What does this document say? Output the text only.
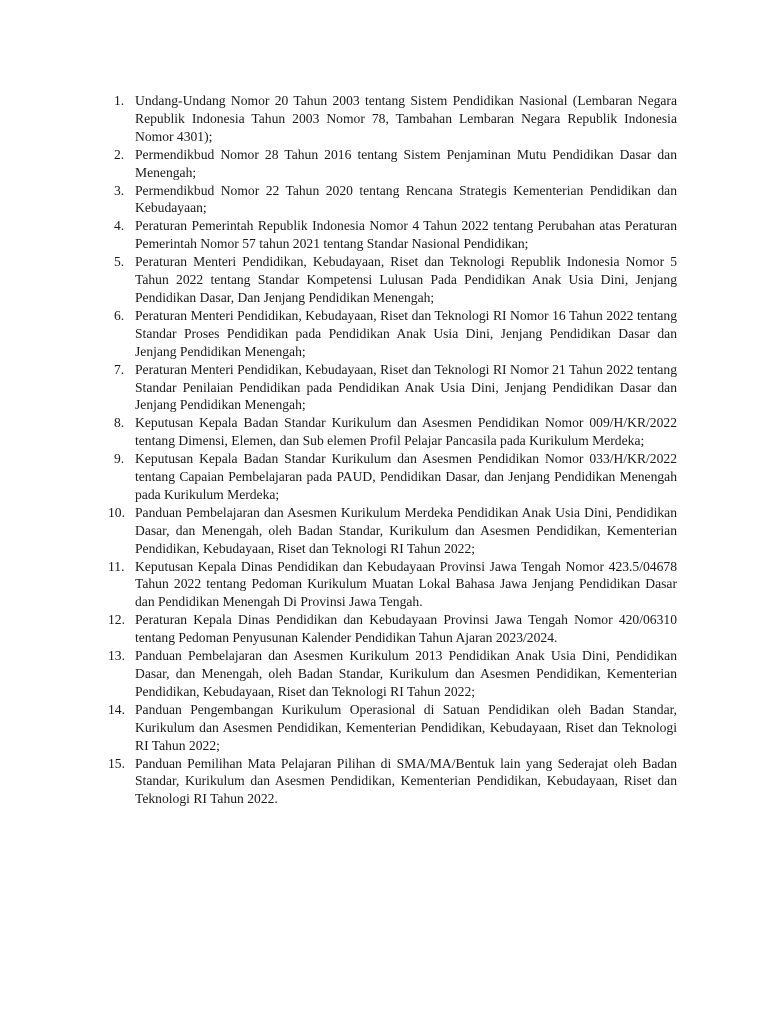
1. Undang-Undang Nomor 20 Tahun 2003 tentang Sistem Pendidikan Nasional (Lembaran Negara Republik Indonesia Tahun 2003 Nomor 78, Tambahan Lembaran Negara Republik Indonesia Nomor 4301);
2. Permendikbud Nomor 28 Tahun 2016 tentang Sistem Penjaminan Mutu Pendidikan Dasar dan Menengah;
3. Permendikbud Nomor 22 Tahun 2020 tentang Rencana Strategis Kementerian Pendidikan dan Kebudayaan;
4. Peraturan Pemerintah Republik Indonesia Nomor 4 Tahun 2022 tentang Perubahan atas Peraturan Pemerintah Nomor 57 tahun 2021 tentang Standar Nasional Pendidikan;
5. Peraturan Menteri Pendidikan, Kebudayaan, Riset dan Teknologi Republik Indonesia Nomor 5 Tahun 2022 tentang Standar Kompetensi Lulusan Pada Pendidikan Anak Usia Dini, Jenjang Pendidikan Dasar, Dan Jenjang Pendidikan Menengah;
6. Peraturan Menteri Pendidikan, Kebudayaan, Riset dan Teknologi RI Nomor 16 Tahun 2022 tentang Standar Proses Pendidikan pada Pendidikan Anak Usia Dini, Jenjang Pendidikan Dasar dan Jenjang Pendidikan Menengah;
7. Peraturan Menteri Pendidikan, Kebudayaan, Riset dan Teknologi RI Nomor 21 Tahun 2022 tentang Standar Penilaian Pendidikan pada Pendidikan Anak Usia Dini, Jenjang Pendidikan Dasar dan Jenjang Pendidikan Menengah;
8. Keputusan Kepala Badan Standar Kurikulum dan Asesmen Pendidikan Nomor 009/H/KR/2022 tentang Dimensi, Elemen, dan Sub elemen Profil Pelajar Pancasila pada Kurikulum Merdeka;
9. Keputusan Kepala Badan Standar Kurikulum dan Asesmen Pendidikan Nomor 033/H/KR/2022 tentang Capaian Pembelajaran pada PAUD, Pendidikan Dasar, dan Jenjang Pendidikan Menengah pada Kurikulum Merdeka;
10. Panduan Pembelajaran dan Asesmen Kurikulum Merdeka Pendidikan Anak Usia Dini, Pendidikan Dasar, dan Menengah, oleh Badan Standar, Kurikulum dan Asesmen Pendidikan, Kementerian Pendidikan, Kebudayaan, Riset dan Teknologi RI Tahun 2022;
11. Keputusan Kepala Dinas Pendidikan dan Kebudayaan Provinsi Jawa Tengah Nomor 423.5/04678 Tahun 2022 tentang Pedoman Kurikulum Muatan Lokal Bahasa Jawa Jenjang Pendidikan Dasar dan Pendidikan Menengah Di Provinsi Jawa Tengah.
12. Peraturan Kepala Dinas Pendidikan dan Kebudayaan Provinsi Jawa Tengah Nomor 420/06310 tentang Pedoman Penyusunan Kalender Pendidikan Tahun Ajaran 2023/2024.
13. Panduan Pembelajaran dan Asesmen Kurikulum 2013 Pendidikan Anak Usia Dini, Pendidikan Dasar, dan Menengah, oleh Badan Standar, Kurikulum dan Asesmen Pendidikan, Kementerian Pendidikan, Kebudayaan, Riset dan Teknologi RI Tahun 2022;
14. Panduan Pengembangan Kurikulum Operasional di Satuan Pendidikan oleh Badan Standar, Kurikulum dan Asesmen Pendidikan, Kementerian Pendidikan, Kebudayaan, Riset dan Teknologi RI Tahun 2022;
15. Panduan Pemilihan Mata Pelajaran Pilihan di SMA/MA/Bentuk lain yang Sederajat oleh Badan Standar, Kurikulum dan Asesmen Pendidikan, Kementerian Pendidikan, Kebudayaan, Riset dan Teknologi RI Tahun 2022.
